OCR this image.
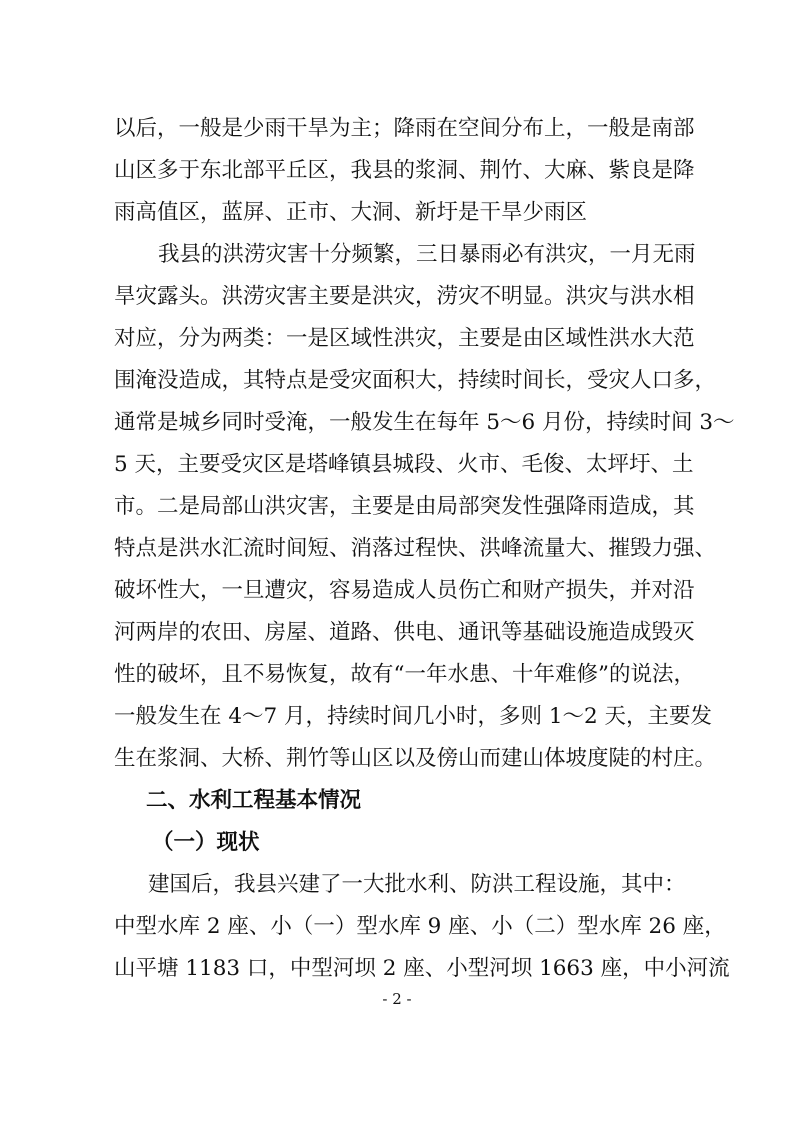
以后，一般是少雨干旱为主；降雨在空间分布上，一般是南部
山区多于东北部平丘区，我县的浆洞、荆竹、大麻、紫良是降
雨高值区，蓝屏、正市、大洞、新圩是干旱少雨区
我县的洪涝灾害十分频繁，三日暴雨必有洪灾，一月无雨
旱灾露头。洪涝灾害主要是洪灾，涝灾不明显。洪灾与洪水相
对应，分为两类：一是区域性洪灾，主要是由区域性洪水大范
围淹没造成，其特点是受灾面积大，持续时间长，受灾人口多，
通常是城乡同时受淹，一般发生在每年 5～6 月份，持续时间 3～
5 天，主要受灾区是塔峰镇县城段、火市、毛俊、太坪圩、土
市。二是局部山洪灾害，主要是由局部突发性强降雨造成，其
特点是洪水汇流时间短、消落过程快、洪峰流量大、摧毁力强、
破坏性大，一旦遭灾，容易造成人员伤亡和财产损失，并对沿
河两岸的农田、房屋、道路、供电、通讯等基础设施造成毁灭
性的破坏，且不易恢复，故有“一年水患、十年难修”的说法，
一般发生在 4～7 月，持续时间几小时，多则 1～2 天，主要发
生在浆洞、大桥、荆竹等山区以及傍山而建山体坡度陡的村庄。
二、水利工程基本情况
（一）现状
建国后，我县兴建了一大批水利、防洪工程设施，其中：
中型水库 2 座、小（一）型水库 9 座、小（二）型水库 26 座，
山平塘 1183 口，中型河坝 2 座、小型河坝 1663 座，中小河流
- 2 -
